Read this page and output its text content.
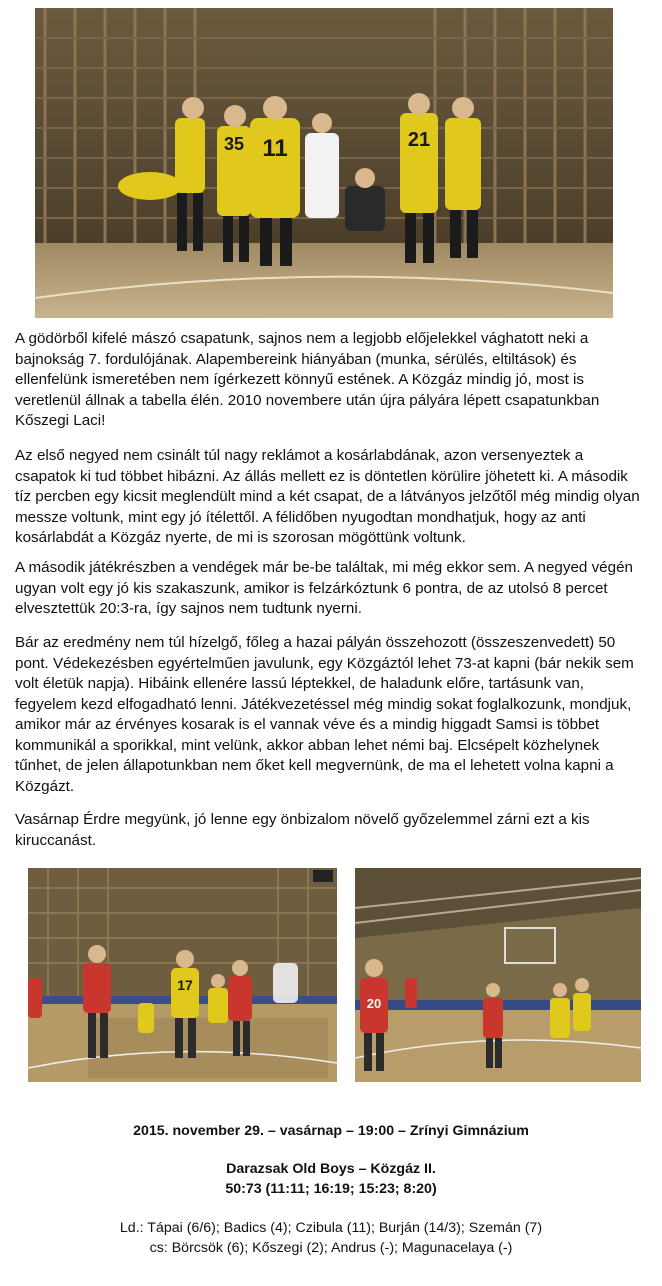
35 11	21

A gödörből kifelé mászó csapatunk, sajnos nem a legjobb előjelekkel vághatott neki a bajnokság 7. fordulójának. Alapembereink hiányában (munka, sérülés, eltiltások) és ellenfelünk ismeretében nem ígérkezett könnyű estének. A Közgáz mindig jó, most is veretlenül állnak a tabella élén. 2010 novembere után újra pályára lépett csapatunkban Kőszegi Laci!

Az első negyed nem csinált túl nagy reklámot a kosárlabdának, azon versenyeztek a csapatok ki tud többet hibázni. Az állás mellett ez is döntetlen körülire jöhetett ki. A második tíz percben egy kicsit meglendült mind a két csapat, de a látványos jelzőtől még mindig olyan messze voltunk, mint egy jó ítélettől. A félidőben nyugodtan mondhatjuk, hogy az anti kosárlabdát a Közgáz nyerte, de mi is szorosan mögöttünk voltunk.

A második játékrészben a vendégek már be-be találtak, mi még ekkor sem. A negyed végén ugyan volt egy jó kis szakaszunk, amikor is felzárkóztunk 6 pontra, de az utolsó 8 percet elvesztettük 20:3-ra, így sajnos nem tudtunk nyerni.

Bár az eredmény nem túl hízelgő, főleg a hazai pályán összehozott (összeszenvedett) 50 pont. Védekezésben egyértelműen javulunk, egy Közgáztól lehet 73-at kapni (bár nekik sem volt életük napja). Hibáink ellenére lassú léptekkel, de haladunk előre, tartásunk van, fegyelem kezd elfogadható lenni. Játékvezetéssel még mindig sokat foglalkozunk, mondjuk, amikor már az érvényes kosarak is el vannak véve és a mindig higgadt Samsi is többet kommunikál a sporikkal, mint velünk, akkor abban lehet némi baj. Elcsépelt közhelynek tűnhet, de jelen állapotunkban nem őket kell megvernünk, de ma el lehetett volna kapni a Közgázt.

Vasárnap Érdre megyünk, jó lenne egy önbizalom növelő győzelemmel zárni ezt a kis kiruccanást.

17
20
2015. november 29. – vasárnap – 19:00 – Zrínyi Gimnázium
Darazsak Old Boys – Közgáz II.
50:73 (11:11; 16:19; 15:23; 8:20)
Ld.: Tápai (6/6); Badics (4); Czibula (11); Burján (14/3); Szemán (7)
cs: Börcsök (6); Kőszegi (2); Andrus (-); Magunacelaya (-)
